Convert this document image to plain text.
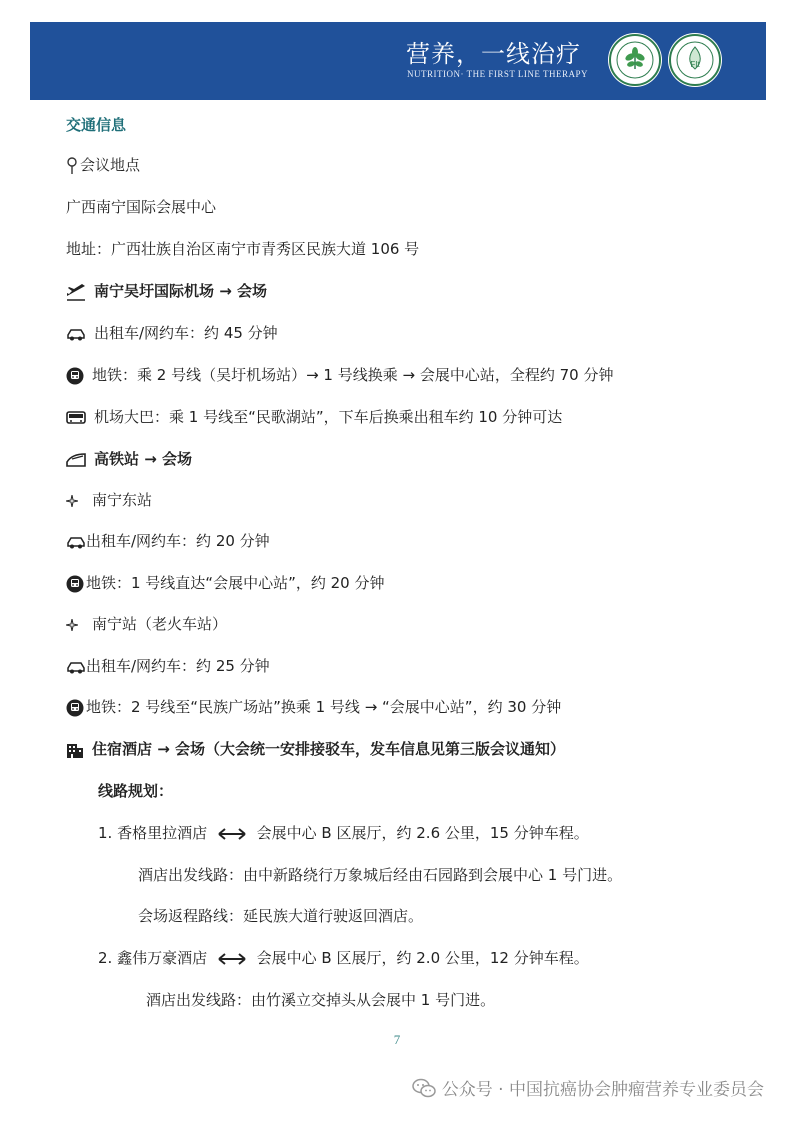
营养，一线治疗
NUTRITION· THE FIRST LINE THERAPY
FIt
交通信息
会议地点
广西南宁国际会展中心
地址：广西壮族自治区南宁市青秀区民族大道 106 号
南宁吴圩国际机场 → 会场
出租车/网约车：约 45 分钟
地铁：乘 2 号线（吴圩机场站）→ 1 号线换乘 → 会展中心站，全程约 70 分钟
机场大巴：乘 1 号线至“民歌湖站”，下车后换乘出租车约 10 分钟可达
高铁站 → 会场
南宁东站
出租车/网约车：约 20 分钟
地铁：1 号线直达“会展中心站”，约 20 分钟
南宁站（老火车站）
出租车/网约车：约 25 分钟
地铁：2 号线至“民族广场站”换乘 1 号线 → “会展中心站”，约 30 分钟
住宿酒店 → 会场（大会统一安排接驳车，发车信息见第三版会议通知）
线路规划：
1. 香格里拉酒店	会展中心 B 区展厅，约 2.6 公里，15 分钟车程。
酒店出发线路：由中新路绕行万象城后经由石园路到会展中心 1 号门进。
会场返程路线：延民族大道行驶返回酒店。
2. 鑫伟万豪酒店	会展中心 B 区展厅，约 2.0 公里，12 分钟车程。
酒店出发线路：由竹溪立交掉头从会展中 1 号门进。
7
公众号 · 中国抗癌协会肿瘤营养专业委员会
